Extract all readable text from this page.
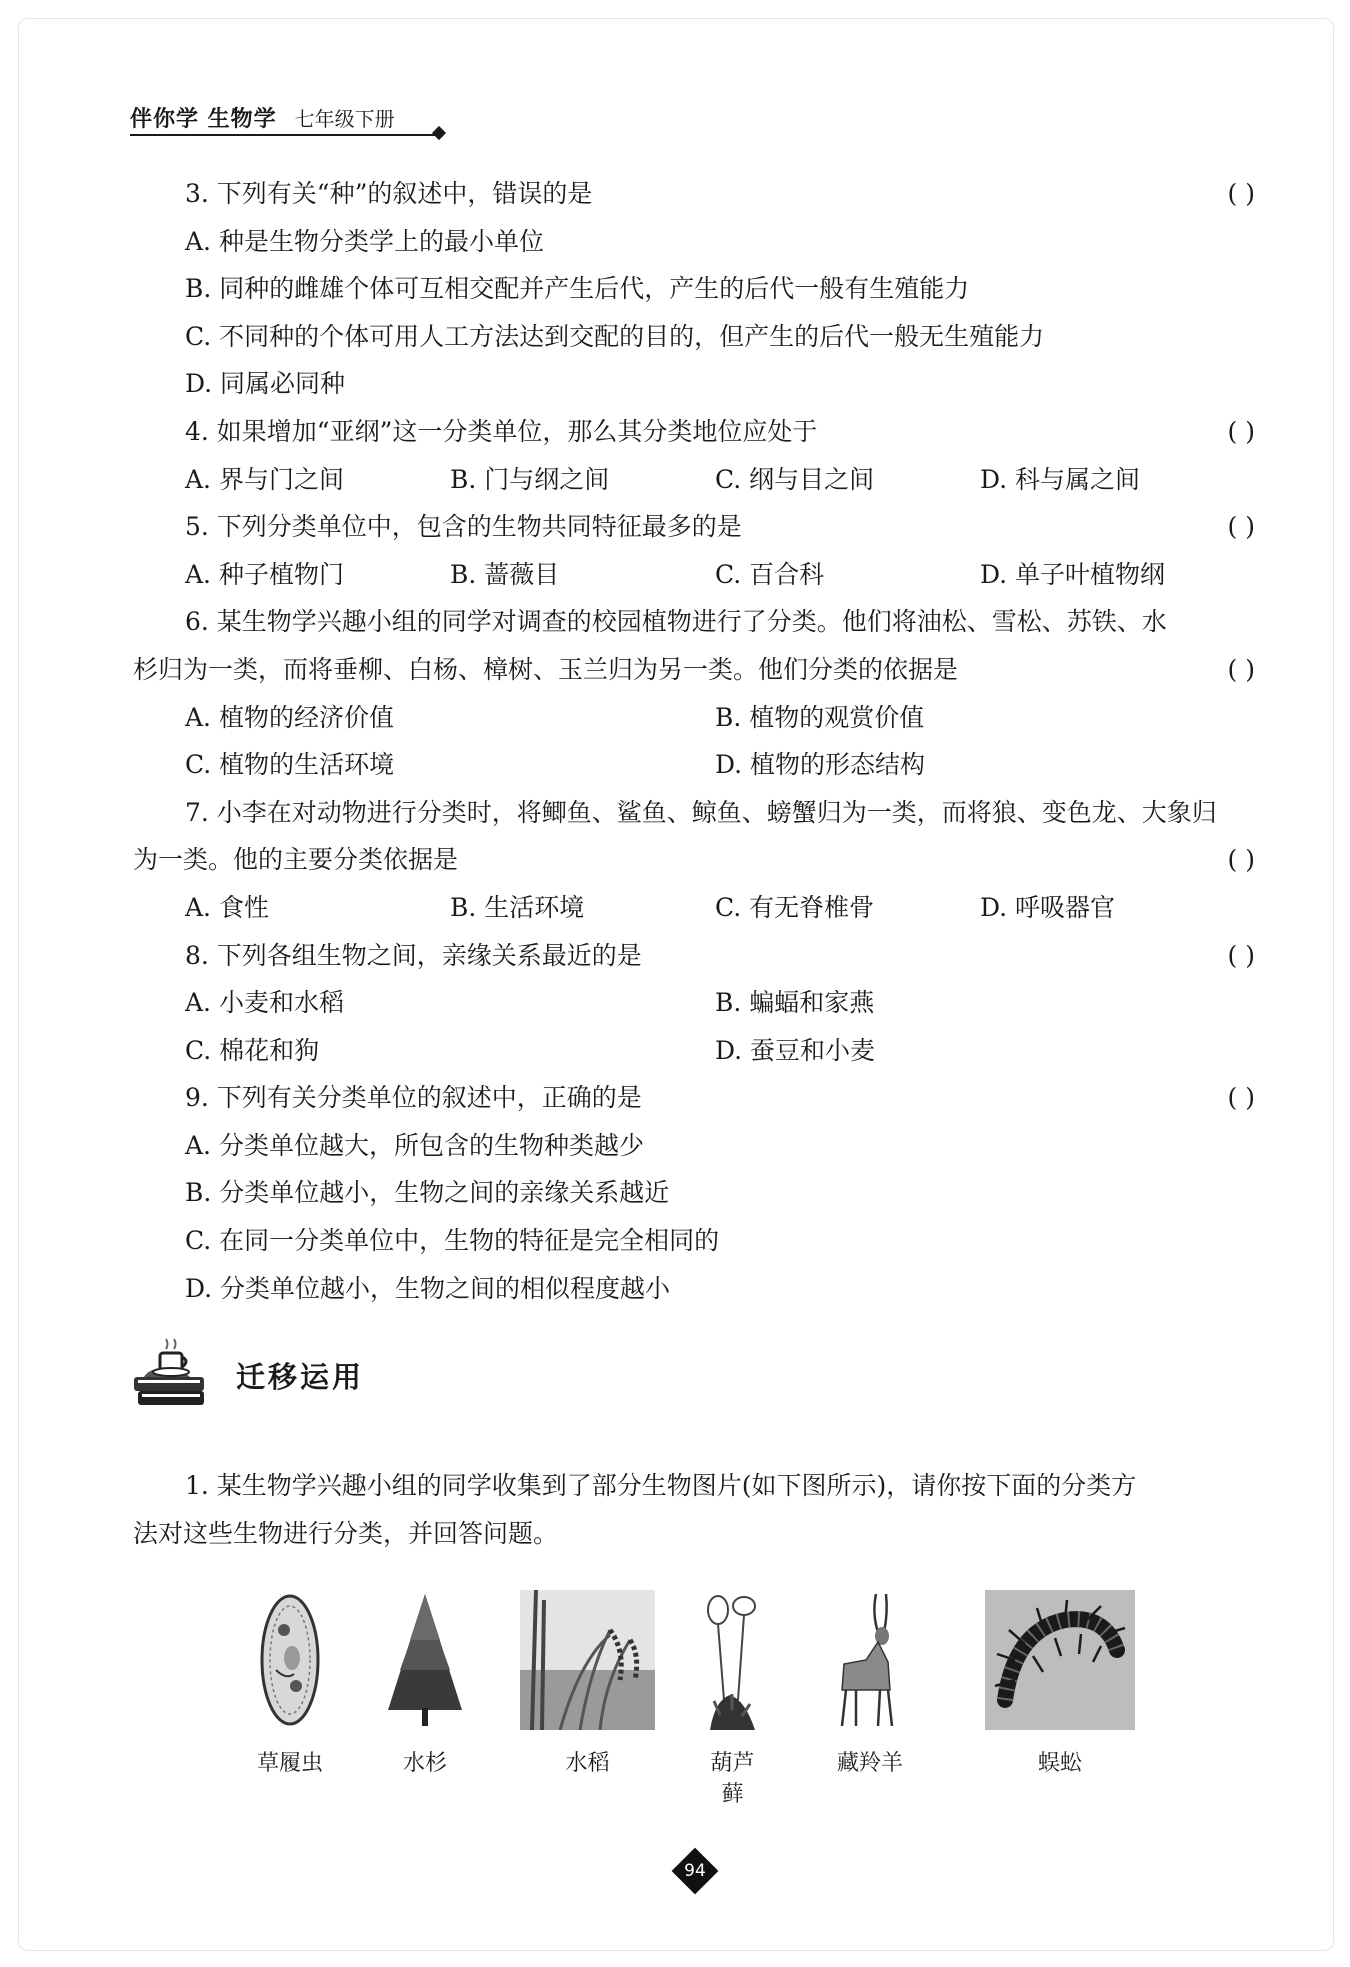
伴你学 生物学 七年级下册
3. 下列有关“种”的叙述中，错误的是	( )
A. 种是生物分类学上的最小单位
B. 同种的雌雄个体可互相交配并产生后代，产生的后代一般有生殖能力
C. 不同种的个体可用人工方法达到交配的目的，但产生的后代一般无生殖能力
D. 同属必同种
4. 如果增加“亚纲”这一分类单位，那么其分类地位应处于	( )
A. 界与门之间	B. 门与纲之间	C. 纲与目之间	D. 科与属之间
5. 下列分类单位中，包含的生物共同特征最多的是	( )
A. 种子植物门	B. 蔷薇目	C. 百合科	D. 单子叶植物纲
6. 某生物学兴趣小组的同学对调查的校园植物进行了分类。他们将油松、雪松、苏铁、水
杉归为一类，而将垂柳、白杨、樟树、玉兰归为另一类。他们分类的依据是	( )
A. 植物的经济价值	B. 植物的观赏价值
C. 植物的生活环境	D. 植物的形态结构
7. 小李在对动物进行分类时，将鲫鱼、鲨鱼、鲸鱼、螃蟹归为一类，而将狼、变色龙、大象归
为一类。他的主要分类依据是	( )
A. 食性	B. 生活环境	C. 有无脊椎骨	D. 呼吸器官
8. 下列各组生物之间，亲缘关系最近的是	( )
A. 小麦和水稻	B. 蝙蝠和家燕
C. 棉花和狗	D. 蚕豆和小麦
9. 下列有关分类单位的叙述中，正确的是	( )
A. 分类单位越大，所包含的生物种类越少
B. 分类单位越小，生物之间的亲缘关系越近
C. 在同一分类单位中，生物的特征是完全相同的
D. 分类单位越小，生物之间的相似程度越小
迁移运用
1. 某生物学兴趣小组的同学收集到了部分生物图片(如下图所示)，请你按下面的分类方
法对这些生物进行分类，并回答问题。
草履虫	水杉	水稻	葫芦藓
藏羚羊	蜈蚣
94
